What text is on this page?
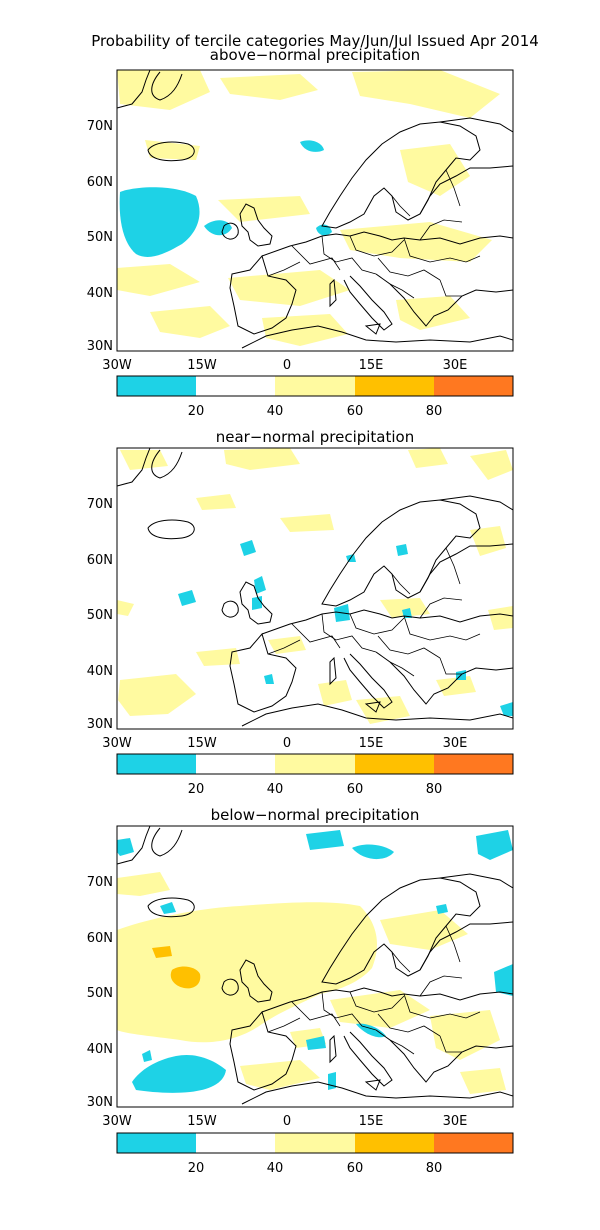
Probability of tercile categories May/Jun/Jul Issued Apr 2014
above−normal precipitation
70N
60N
50N
40N
30N
30W	15W	0	15E	30E
20	40	60	80
near−normal precipitation
70N
60N
50N
40N
30N
30W	15W	0	15E	30E
20	40	60	80
below−normal precipitation
70N
60N
50N
40N
30N
30W	15W	0	15E	30E
20	40	60	80
